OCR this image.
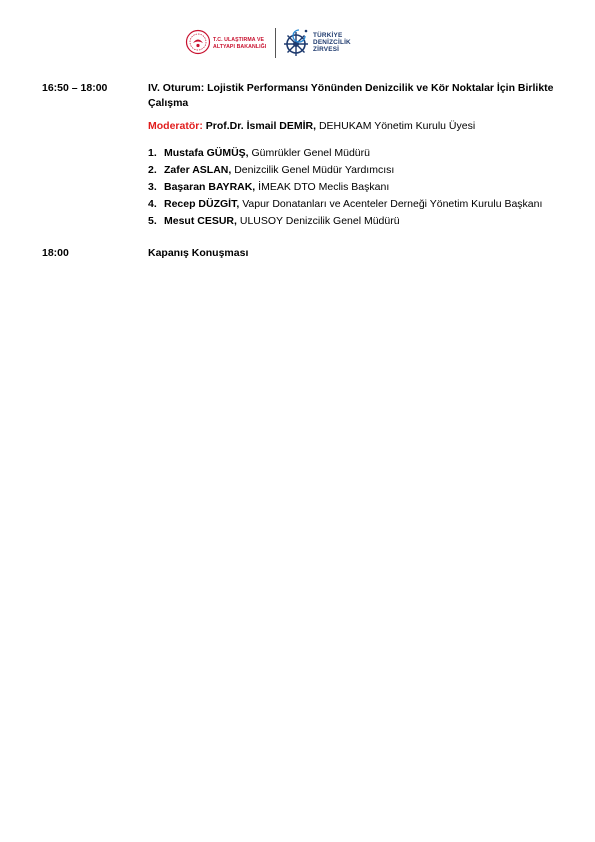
T.C. ULAŞTIRMA VE
ALTYAPI BAKANLIĞI
TÜRKİYE
DENİZCİLİK
ZİRVESİ
16:50 – 18:00	IV. Oturum: Lojistik Performansı Yönünden Denizcilik ve Kör Noktalar İçin Birlikte
Çalışma
Moderatör: Prof.Dr. İsmail DEMİR, DEHUKAM Yönetim Kurulu Üyesi
1. Mustafa GÜMÜŞ, Gümrükler Genel Müdürü
2. Zafer ASLAN, Denizcilik Genel Müdür Yardımcısı
3. Başaran BAYRAK, İMEAK DTO Meclis Başkanı
4. Recep DÜZGİT, Vapur Donatanları ve Acenteler Derneği Yönetim Kurulu Başkanı
5. Mesut CESUR, ULUSOY Denizcilik Genel Müdürü
18:00	Kapanış Konuşması
